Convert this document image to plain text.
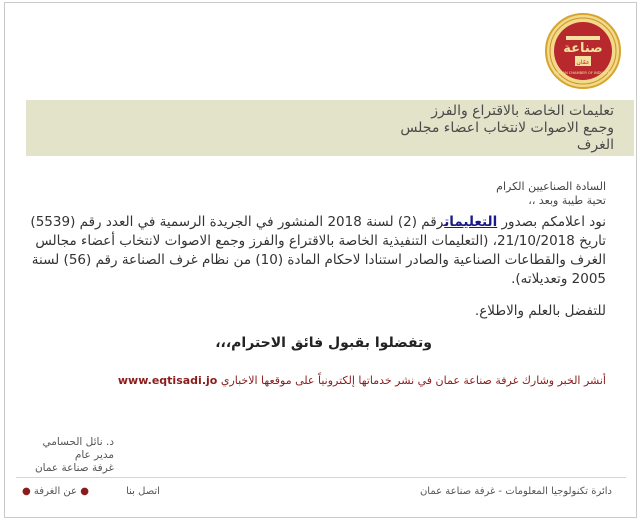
صناعة
عمّان
AMMAN CHAMBER OF INDUSTRY
تعليمات الخاصة بالاقتراع والفرز
وجمع الاصوات لانتخاب اعضاء مجلس
الغرف
السادة الصناعيين الكرام
تحية طيبة وبعد ،،
نود اعلامكم بصدور التعليماترقم (2) لسنة 2018 المنشور في الجريدة الرسمية في العدد رقم (5539) تاريخ 21/10/2018، (التعليمات التنفيذية الخاصة بالاقتراع والفرز وجمع الاصوات لانتخاب أعضاء مجالس الغرف والقطاعات الصناعية والصادر استنادا لاحكام المادة (10) من نظام غرف الصناعة رقم (56) لسنة 2005 وتعديلاته).
للتفضل بالعلم والاطلاع.
وتفضلوا بقبول فائق الاحترام،،،
أنشر الخبر وشارك غرفة صناعة عمان في نشر خدماتها إلكترونياً على موقعها الاخباري www.eqtisadi.jo
د. نائل الحسامي
مدير عام
غرفة صناعة عمان
●	اتصل بنا ● عن الغرفة	دائرة تكنولوجيا المعلومات - غرفة صناعة عمان
